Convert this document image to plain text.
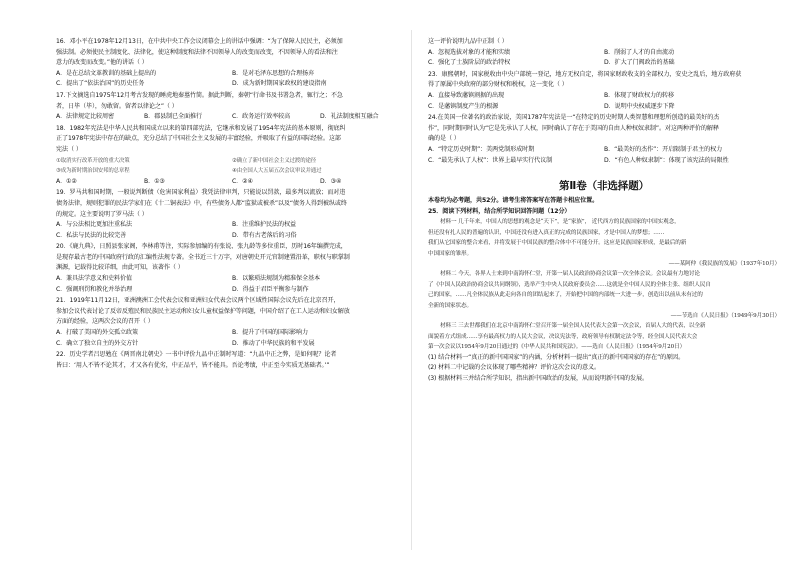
16．邓小平在1978年12月13日，在中共中央工作会议闭幕会上的讲话中强调：“为了保障人民民主，必须加

强法制。必须使民主制度化、法律化，使这种制度和法律不因领导人的改变而改变，不因领导人的看法和注

意力的改变而改变。”他的讲话（ ）

A．是在总结文革教训的基础上提出的	B．是对毛泽东思想的合理扬弃
C．提出了“依法治国”的历史任务	D．成为新时期国家政权的建设指南

17.下文摘选自1975年12月考古发现的睡虎地秦墓竹简。据此判断，秦朝“行命书及书署急者，辄行之；不急

者，日毕（毕），勿敢留。留者以律论之”（ ）

A．法律规定比较周密	B．郡县制已全面推行	C．政务运行效率较高	D．礼法制度相互融合

18．1982年宪法是中华人民共和国成立以来的第四部宪法，它继承和发展了1954年宪法的基本原则，彻底纠

正了1978年宪法中存在的缺点，充分总结了中国社会主义发展的丰富经验，并吸取了有益的国际经验。这部

宪法（ ）

①取消实行改革开放的重大决策	②确立了新中国社会主义过渡的途径
③成为新时期治国安邦的总章程	④由全国人大五届五次会议审议并通过
A．①②	B．①③	C．②④	D．③④

19．罗马共和国时期，一般说判断债（危害国家利益）我凭法律审判，只能说以罚款，最多判以流放；而对违

债务法律，规则犯罪的民法学家们在《十二铜表法》中，有些债务人都“监狱或被杀”以及“债务人得到被纵或终

的规定。这主要说明了罗马法（ ）

A．与公法相比更加注重私法	B．注重维护民法的权益
C．私法与民法的比较完善	D．带有古老落后的习俗

20．《鹿九典》，日照县张家阁，李林甫等注，实际参加编的有张说、张九龄等多位重臣，历时16年编撰完成，

是现存最古老的中国政府行政的汇编性法规专著。全书近三十万字，对唐朝史开元官制建置沿革，职权与职掌制

渊源，记载得比较详细，由此可知，该著作（ ）

A．兼具法学意义和史料价值	B．以繁琐法规制为精准保全基本
C．强调刑罚和教化并举治理	D．得益于君臣平衡参与制作

21．1919年11月12日，亚洲澳洲工会代表会议和亚洲妇女代表会议两个区域性国际会议先后在北京召开，

参加会议代表讨论了反帝反殖民和民族民主运动和妇女儿童权益保护等问题，中国介绍了在工人运动和妇女解放

方面的经验，这两次会议的召开（ ）

A．打破了美国的外交孤立政策	B．提升了中国的国际影响力
C．确立了独立自主的外交方针	D．推动了中华民族的和平发展

22．历史学者吕思勉在《两晋南北朝史》一书中评价九品中正制时写道：“九品中正之弊，是如何呢？论者

皆曰：‘用人不皆不论其才，才又各有优劣，中正品平，皆不能具。吾论考绩，中正至今实质无基础者。’”

这一评价说明九品中正制（ ）

A．忽视选拔对象的才能和实绩	B．削弱了人才的自由流动
C．强化了士族阶层的政治特权	D．扩大了门阀政治的基础

23．康熙朝时，国家税收由中央户部统一登记，地方无权自定，将国家财政收支的全部权力，安史之乱后，地方政府获

得了原属中央政府的部分财权和税权，这一变化（ ）

A．直接导致藩镇割据的出现	B．体现了财政权力的转移
C．是藩镇制度产生的根源	D．说明中央权威逐步下降

24.在美国一位著名的政治家说，美国1787年宪法是一“在特定的历史时期人类智慧和理想所创造的最美好的杰

作”，同时期同时认为“它是先承认了人权，同时确认了存在于美国的自由人种权奴隶制”。对这两种评价的解释

确的是（ ）

A．“特定历史时期”：美两党制形成时期	B．“最美好的杰作”：开启限制于君主的权力
C．“最先承认了人权”：世界上最早实行代议制	D．“有色人种奴隶制”：体现了该宪法的局限性
第Ⅱ卷（非选择题）

本卷均为必考题，共52分。请考生将答案写在答题卡相应位置。

25．阅读下列材料，结合所学知识回答问题（12分）

材料一 几千年来，中国人的思想的观念是“天下”，是“家族”， 近代西方的民族国家的中国实观念，

但还没有扎人民的普遍的认识，中国还没有进入真正的完成的民族国家，才是中国人的梦想；……

我们从它国家的整合来看，并将发展于中国民族的整合体中不可能分开。这应是民族国家形成，是最后的新

中国国家的雏形。

——某阿仲《我民族的发展》（1937年10月）

材料二 今天，各界人士来到中南海怀仁堂，开第一届人民政治协商会议第一次全体会议。会议最有力地讨论

了《中国人民政治协商会议共同纲领》，选举产生中央人民政府委员会……这就是全中国人民的全体主张、组织人民自

己的国家，……凡全体民族从此走向各自的团结起来了，开始把中国的内部统一大进一步，创造出以前从未有过的

全新的国家状态。

——节选自《人民日报》（1949年9月30日）

材料三 三去世都我们在北京中南海怀仁堂召开第一届全国人民代表大会第一次会议，首届人大的代表，以全新

面貌着方式组成……享有最高权力的人民大会议，决议宪法等，政府领导有权制定法令等，经全国人民代表大会

第一次会议以1954年9月20日通过的《中华人民共和国宪法》。——选自《人民日报》（1954年9月20日）

(1) 结合材料一“真正的新中国国家”的内涵，分析材料一提出“真正的新中国国家的存在”的原因。

(2) 材料二中记载的会议体现了哪些精神？评价这次会议的意义。

(3) 根据材料三并结合所学知识，指出新中国政治的发展，从而说明新中国的发展。
